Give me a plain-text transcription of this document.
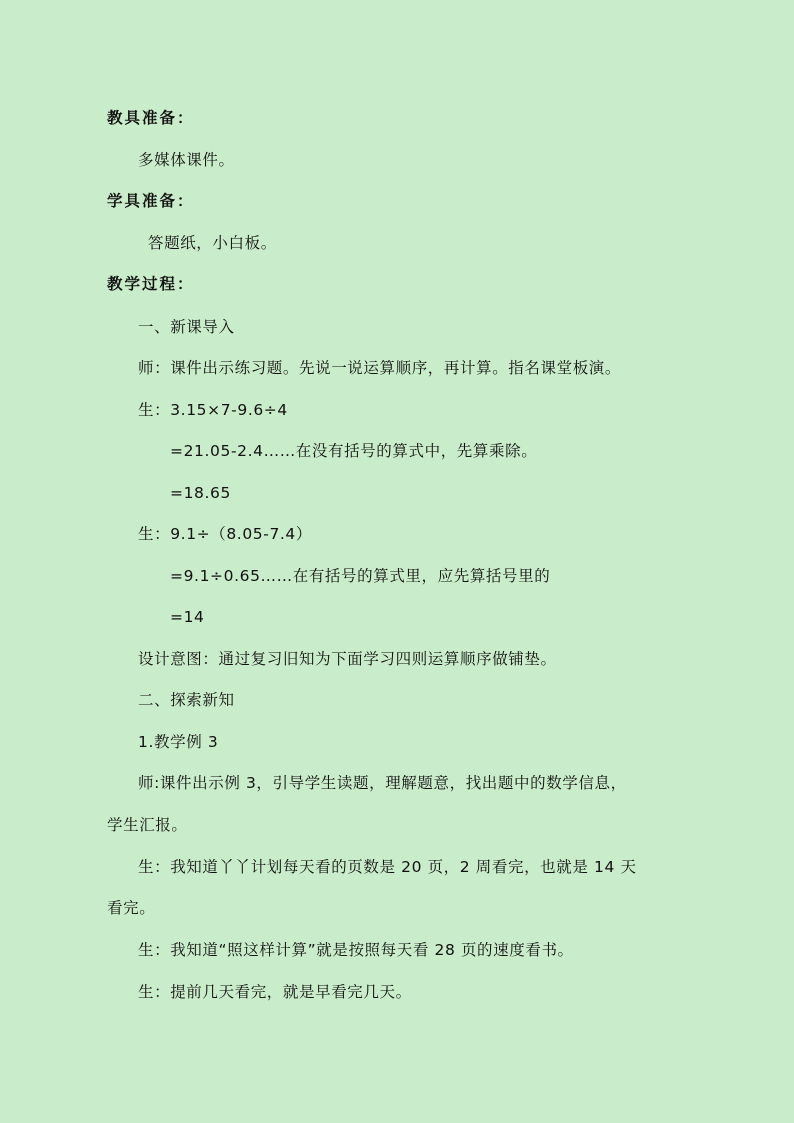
教具准备：
多媒体课件。
学具准备：
答题纸，小白板。
教学过程：
一、新课导入
师：课件出示练习题。先说一说运算顺序，再计算。指名课堂板演。
生：3.15×7-9.6÷4
=21.05-2.4……在没有括号的算式中，先算乘除。
=18.65
生：9.1÷（8.05-7.4）
=9.1÷0.65……在有括号的算式里，应先算括号里的
=14
设计意图：通过复习旧知为下面学习四则运算顺序做铺垫。
二、探索新知
1.教学例 3
师:课件出示例 3，引导学生读题，理解题意，找出题中的数学信息，
学生汇报。
生：我知道丫丫计划每天看的页数是 20 页，2 周看完，也就是 14 天
看完。
生：我知道“照这样计算”就是按照每天看 28 页的速度看书。
生：提前几天看完，就是早看完几天。
